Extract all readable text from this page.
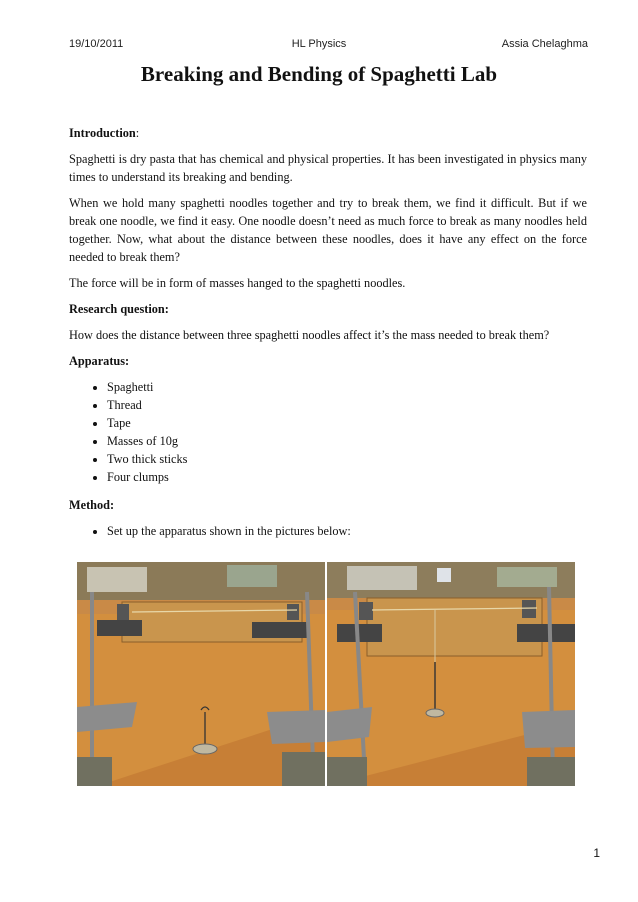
19/10/2011	HL Physics	Assia Chelaghma
Breaking and Bending of Spaghetti Lab

Introduction:

Spaghetti is dry pasta that has chemical and physical properties. It has been investigated in physics many times to understand its breaking and bending.

When we hold many spaghetti noodles together and try to break them, we find it difficult. But if we break one noodle, we find it easy. One noodle doesn’t need as much force to break as many noodles held together. Now, what about the distance between these noodles, does it have any effect on the force needed to break them?

The force will be in form of masses hanged to the spaghetti noodles.

Research question:

How does the distance between three spaghetti noodles affect it’s the mass needed to break them?

Apparatus:

• Spaghetti
• Thread
• Tape
• Masses of 10g
• Two thick sticks
• Four clumps

Method:

• Set up the apparatus shown in the pictures below:
1
